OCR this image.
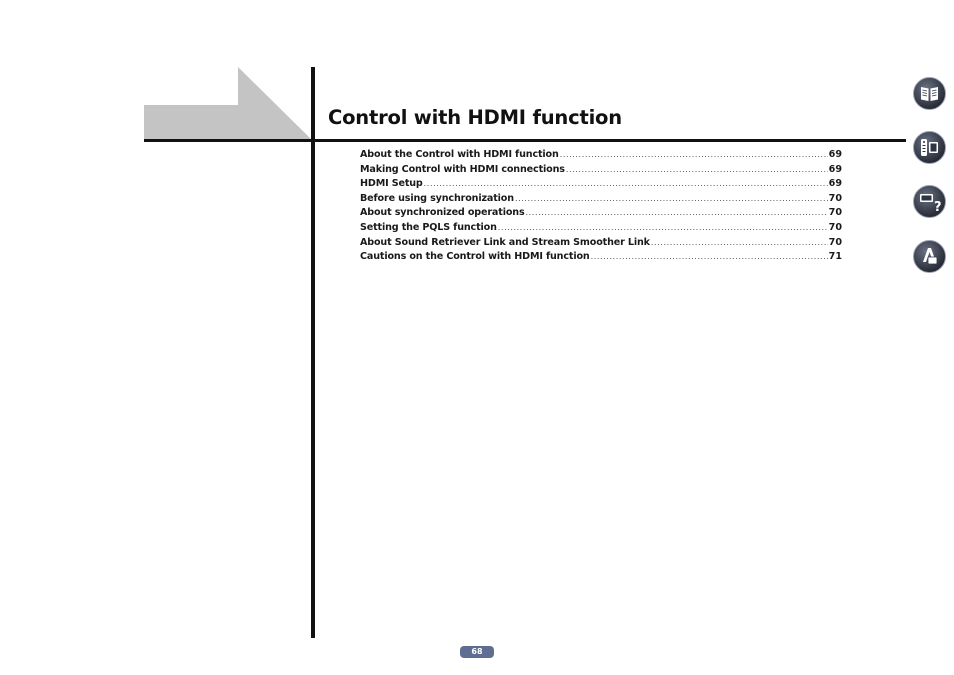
Control with HDMI function
About the Control with HDMI function .....	69
Making Control with HDMI connections .....	69
HDMI Setup .....	69
Before using synchronization .....	70
About synchronized operations .....	70
Setting the PQLS function .....	70
About Sound Retriever Link and Stream Smoother Link .....	70
Cautions on the Control with HDMI function .....	71
?
68
